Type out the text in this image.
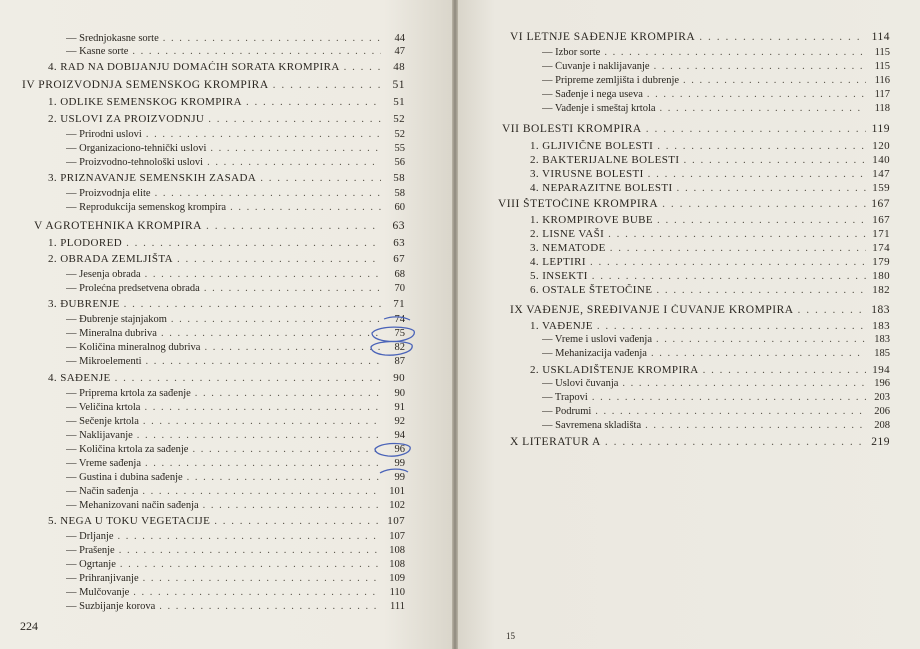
— Srednjokasne sorte . . .	44
— Kasne sorte . . .	47
4. RAD NA DOBIJANJU DOMAĆIH SORATA KROMPIRA . . .	48
IV PROIZVODNJA SEMENSKOG KROMPIRA . . .	51
1. ODLIKE SEMENSKOG KROMPIRA . . .	51
2. USLOVI ZA PROIZVODNJU . . .	52
— Prirodni uslovi . . .	52
— Organizaciono-tehnički uslovi . . .	55
— Proizvodno-tehnološki uslovi . . .	56
3. PRIZNAVANJE SEMENSKIH ZASADA . . .	58
— Proizvodnja elite . . .	58
— Reprodukcija semenskog krompira . . .	60
V AGROTEHNIKA KROMPIRA . . .	63
1. PLODORED . . .	63
2. OBRADA ZEMLJIŠTA . . .	67
— Jesenja obrada . . .	68
— Prolećna predsetvena obrada . . .	70
3. ĐUBRENJE . . .	71
— Đubrenje stajnjakom . . .	74
— Mineralna dubriva . . .	75
— Količina mineralnog dubriva . . .	82
— Mikroelementi . . .	87
4. SAĐENJE . . .	90
— Priprema krtola za sađenje . . .	90
— Veličina krtola . . .	91
— Sečenje krtola . . .	92
— Naklijavanje . . .	94
— Količina krtola za sađenje . . .	96
— Vreme sađenja . . .	99
— Gustina i dubina sađenje . . .	99
— Način sađenja . . .	101
— Mehanizovani način sađenja . . .	102
5. NEGA U TOKU VEGETACIJE . . .	107
— Drljanje . . .	107
— Prašenje . . .	108
— Ogrtanje . . .	108
— Prihranjivanje . . .	109
— Mulčovanje . . .	110
— Suzbijanje korova . . .	111
224
VI LETNJE SAĐENJE KROMPIRA . . .	114
— Izbor sorte . . .	115
— Čuvanje i naklijavanje . . .	115
— Pripreme zemljišta i dubrenje . . .	116
— Sađenje i nega useva . . .	117
— Vađenje i smeštaj krtola . . .	118
VII BOLESTI KROMPIRA . . .	119
1. GLJIVIČNE BOLESTI . . .	120
2. BAKTERIJALNE BOLESTI . . .	140
3. VIRUSNE BOLESTI . . .	147
4. NEPARAZITNE BOLESTI . . .	159
VIII ŠTETOČINE KROMPIRA . . .	167
1. KROMPIROVE BUBE . . .	167
2. LISNE VAŠI . . .	171
3. NEMATODE . . .	174
4. LEPTIRI . . .	179
5. INSEKTI . . .	180
6. OSTALE ŠTETOČINE . . .	182
IX VAĐENJE, SREĐIVANJE I ČUVANJE KROMPIRA . . .	183
1. VAĐENJE . . .	183
— Vreme i uslovi vađenja . . .	183
— Mehanizacija vađenja . . .	185
2. USKLADIŠTENJE KROMPIRA . . .	194
— Uslovi čuvanja . . .	196
— Trapovi . . .	203
— Podrumi . . .	206
— Savremena skladišta . . .	208
X LITERATUR A . . .	219
15
